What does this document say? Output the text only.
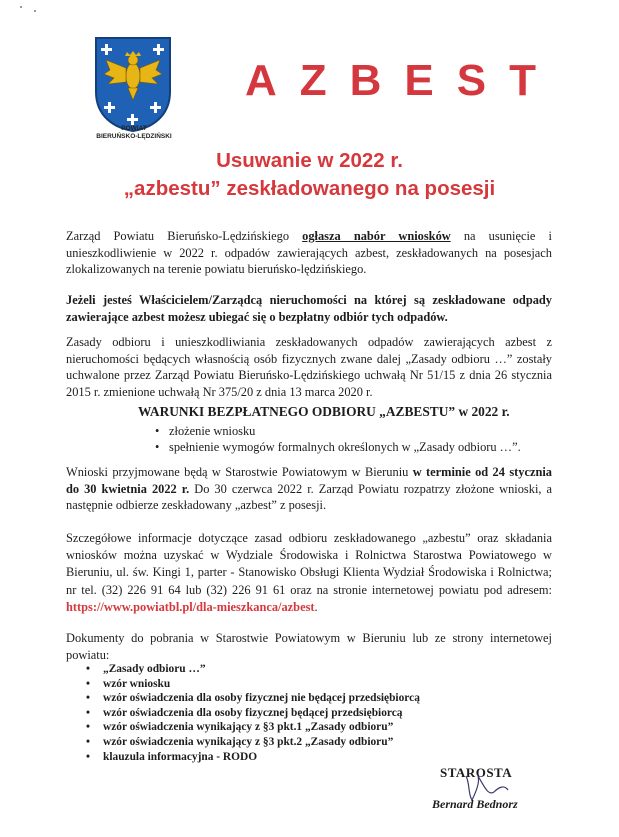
POWIAT
BIERUŃSKO-LĘDZIŃSKI
AZBEST
Usuwanie w 2022 r.
„azbestu” zeskładowanego na posesji
Zarząd Powiatu Bieruńsko-Lędzińskiego ogłasza nabór wniosków na usunięcie i unieszkodliwienie w 2022 r. odpadów zawierających azbest, zeskładowanych na posesjach zlokalizowanych na terenie powiatu bieruńsko-lędzińskiego.
Jeżeli jesteś Właścicielem/Zarządcą nieruchomości na której są zeskładowane odpady zawierające azbest możesz ubiegać się o bezpłatny odbiór tych odpadów.
Zasady odbioru i unieszkodliwiania zeskładowanych odpadów zawierających azbest z nieruchomości będących własnością osób fizycznych zwane dalej „Zasady odbioru …” zostały uchwalone przez Zarząd Powiatu Bieruńsko-Lędzińskiego uchwałą Nr 51/15 z dnia 26 stycznia 2015 r. zmienione uchwałą Nr 375/20 z dnia 13 marca 2020 r.
WARUNKI BEZPŁATNEGO ODBIORU „AZBESTU” w 2022 r.
• złożenie wniosku
• spełnienie wymogów formalnych określonych w „Zasady odbioru …”.
Wnioski przyjmowane będą w Starostwie Powiatowym w Bieruniu w terminie od 24 stycznia do 30 kwietnia 2022 r. Do 30 czerwca 2022 r. Zarząd Powiatu rozpatrzy złożone wnioski, a następnie odbierze zeskładowany „azbest” z posesji.
Szczegółowe informacje dotyczące zasad odbioru zeskładowanego „azbestu” oraz składania wniosków można uzyskać w Wydziale Środowiska i Rolnictwa Starostwa Powiatowego w Bieruniu, ul. św. Kingi 1, parter - Stanowisko Obsługi Klienta Wydział Środowiska i Rolnictwa; nr tel. (32) 226 91 64 lub (32) 226 91 61 oraz na stronie internetowej powiatu pod adresem: https://www.powiatbl.pl/dla-mieszkanca/azbest.
Dokumenty do pobrania w Starostwie Powiatowym w Bieruniu lub ze strony internetowej powiatu:
•	„Zasady odbioru …”
•	wzór wniosku
•	wzór oświadczenia dla osoby fizycznej nie będącej przedsiębiorcą
•	wzór oświadczenia dla osoby fizycznej będącej przedsiębiorcą
•	wzór oświadczenia wynikający z §3 pkt.1 „Zasady odbioru”
•	wzór oświadczenia wynikający z §3 pkt.2 „Zasady odbioru”
•	klauzula informacyjna - RODO
STAROSTA
Bernard Bednorz
